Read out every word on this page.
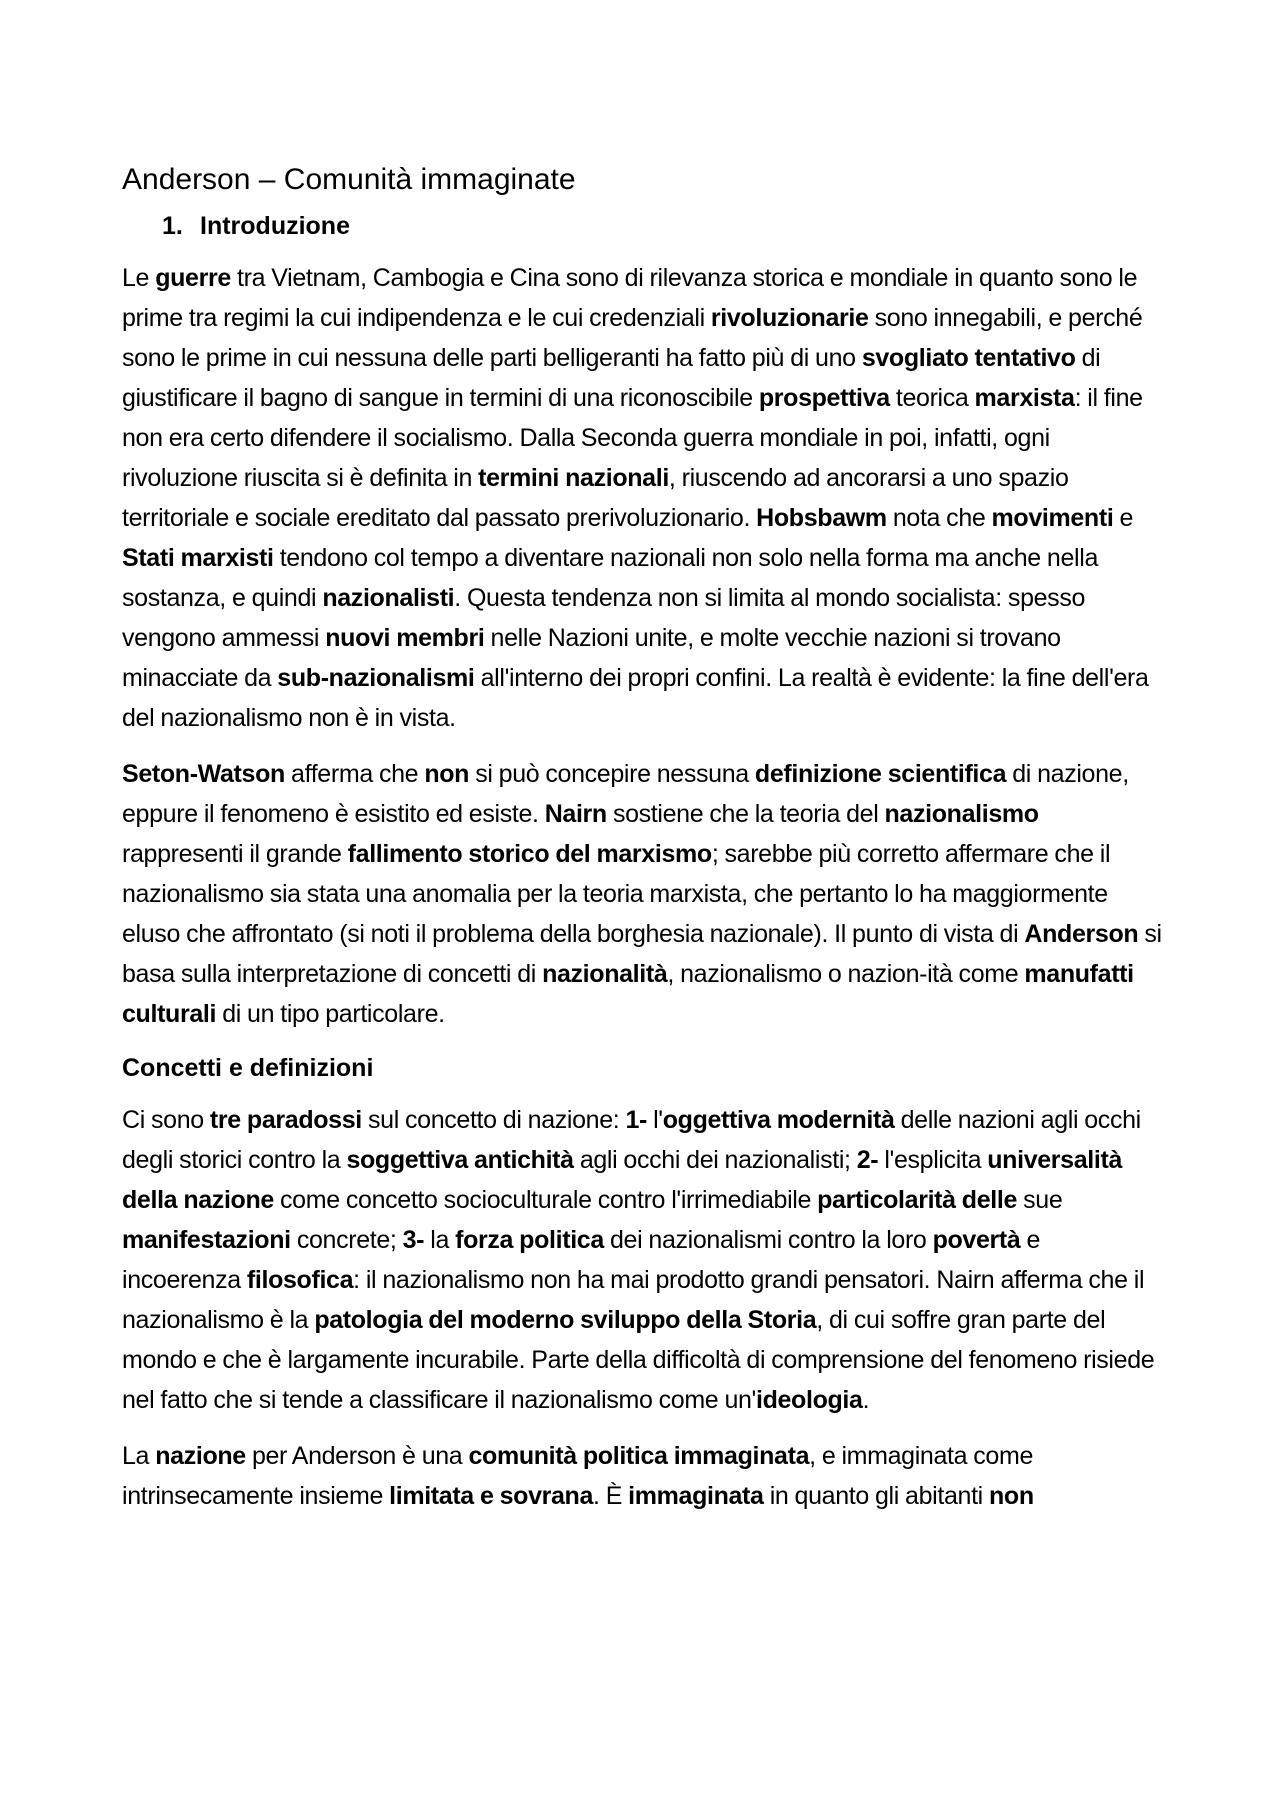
Anderson – Comunità immaginate
1. Introduzione

Le guerre tra Vietnam, Cambogia e Cina sono di rilevanza storica e mondiale in quanto sono le prime tra regimi la cui indipendenza e le cui credenziali rivoluzionarie sono innegabili, e perché sono le prime in cui nessuna delle parti belligeranti ha fatto più di uno svogliato tentativo di giustificare il bagno di sangue in termini di una riconoscibile prospettiva teorica marxista: il fine non era certo difendere il socialismo. Dalla Seconda guerra mondiale in poi, infatti, ogni rivoluzione riuscita si è definita in termini nazionali, riuscendo ad ancorarsi a uno spazio territoriale e sociale ereditato dal passato prerivoluzionario. Hobsbawm nota che movimenti e Stati marxisti tendono col tempo a diventare nazionali non solo nella forma ma anche nella sostanza, e quindi nazionalisti. Questa tendenza non si limita al mondo socialista: spesso vengono ammessi nuovi membri nelle Nazioni unite, e molte vecchie nazioni si trovano minacciate da sub-nazionalismi all'interno dei propri confini. La realtà è evidente: la fine dell'era del nazionalismo non è in vista.

Seton-Watson afferma che non si può concepire nessuna definizione scientifica di nazione, eppure il fenomeno è esistito ed esiste. Nairn sostiene che la teoria del nazionalismo rappresenti il grande fallimento storico del marxismo; sarebbe più corretto affermare che il nazionalismo sia stata una anomalia per la teoria marxista, che pertanto lo ha maggiormente eluso che affrontato (si noti il problema della borghesia nazionale). Il punto di vista di Anderson si basa sulla interpretazione di concetti di nazionalità, nazionalismo o nazion-ità come manufatti culturali di un tipo particolare.

Concetti e definizioni

Ci sono tre paradossi sul concetto di nazione: 1- l'oggettiva modernità delle nazioni agli occhi degli storici contro la soggettiva antichità agli occhi dei nazionalisti; 2- l'esplicita universalità della nazione come concetto socioculturale contro l'irrimediabile particolarità delle sue manifestazioni concrete; 3- la forza politica dei nazionalismi contro la loro povertà e incoerenza filosofica: il nazionalismo non ha mai prodotto grandi pensatori. Nairn afferma che il nazionalismo è la patologia del moderno sviluppo della Storia, di cui soffre gran parte del mondo e che è largamente incurabile. Parte della difficoltà di comprensione del fenomeno risiede nel fatto che si tende a classificare il nazionalismo come un'ideologia.

La nazione per Anderson è una comunità politica immaginata, e immaginata come intrinsecamente insieme limitata e sovrana. È immaginata in quanto gli abitanti non
